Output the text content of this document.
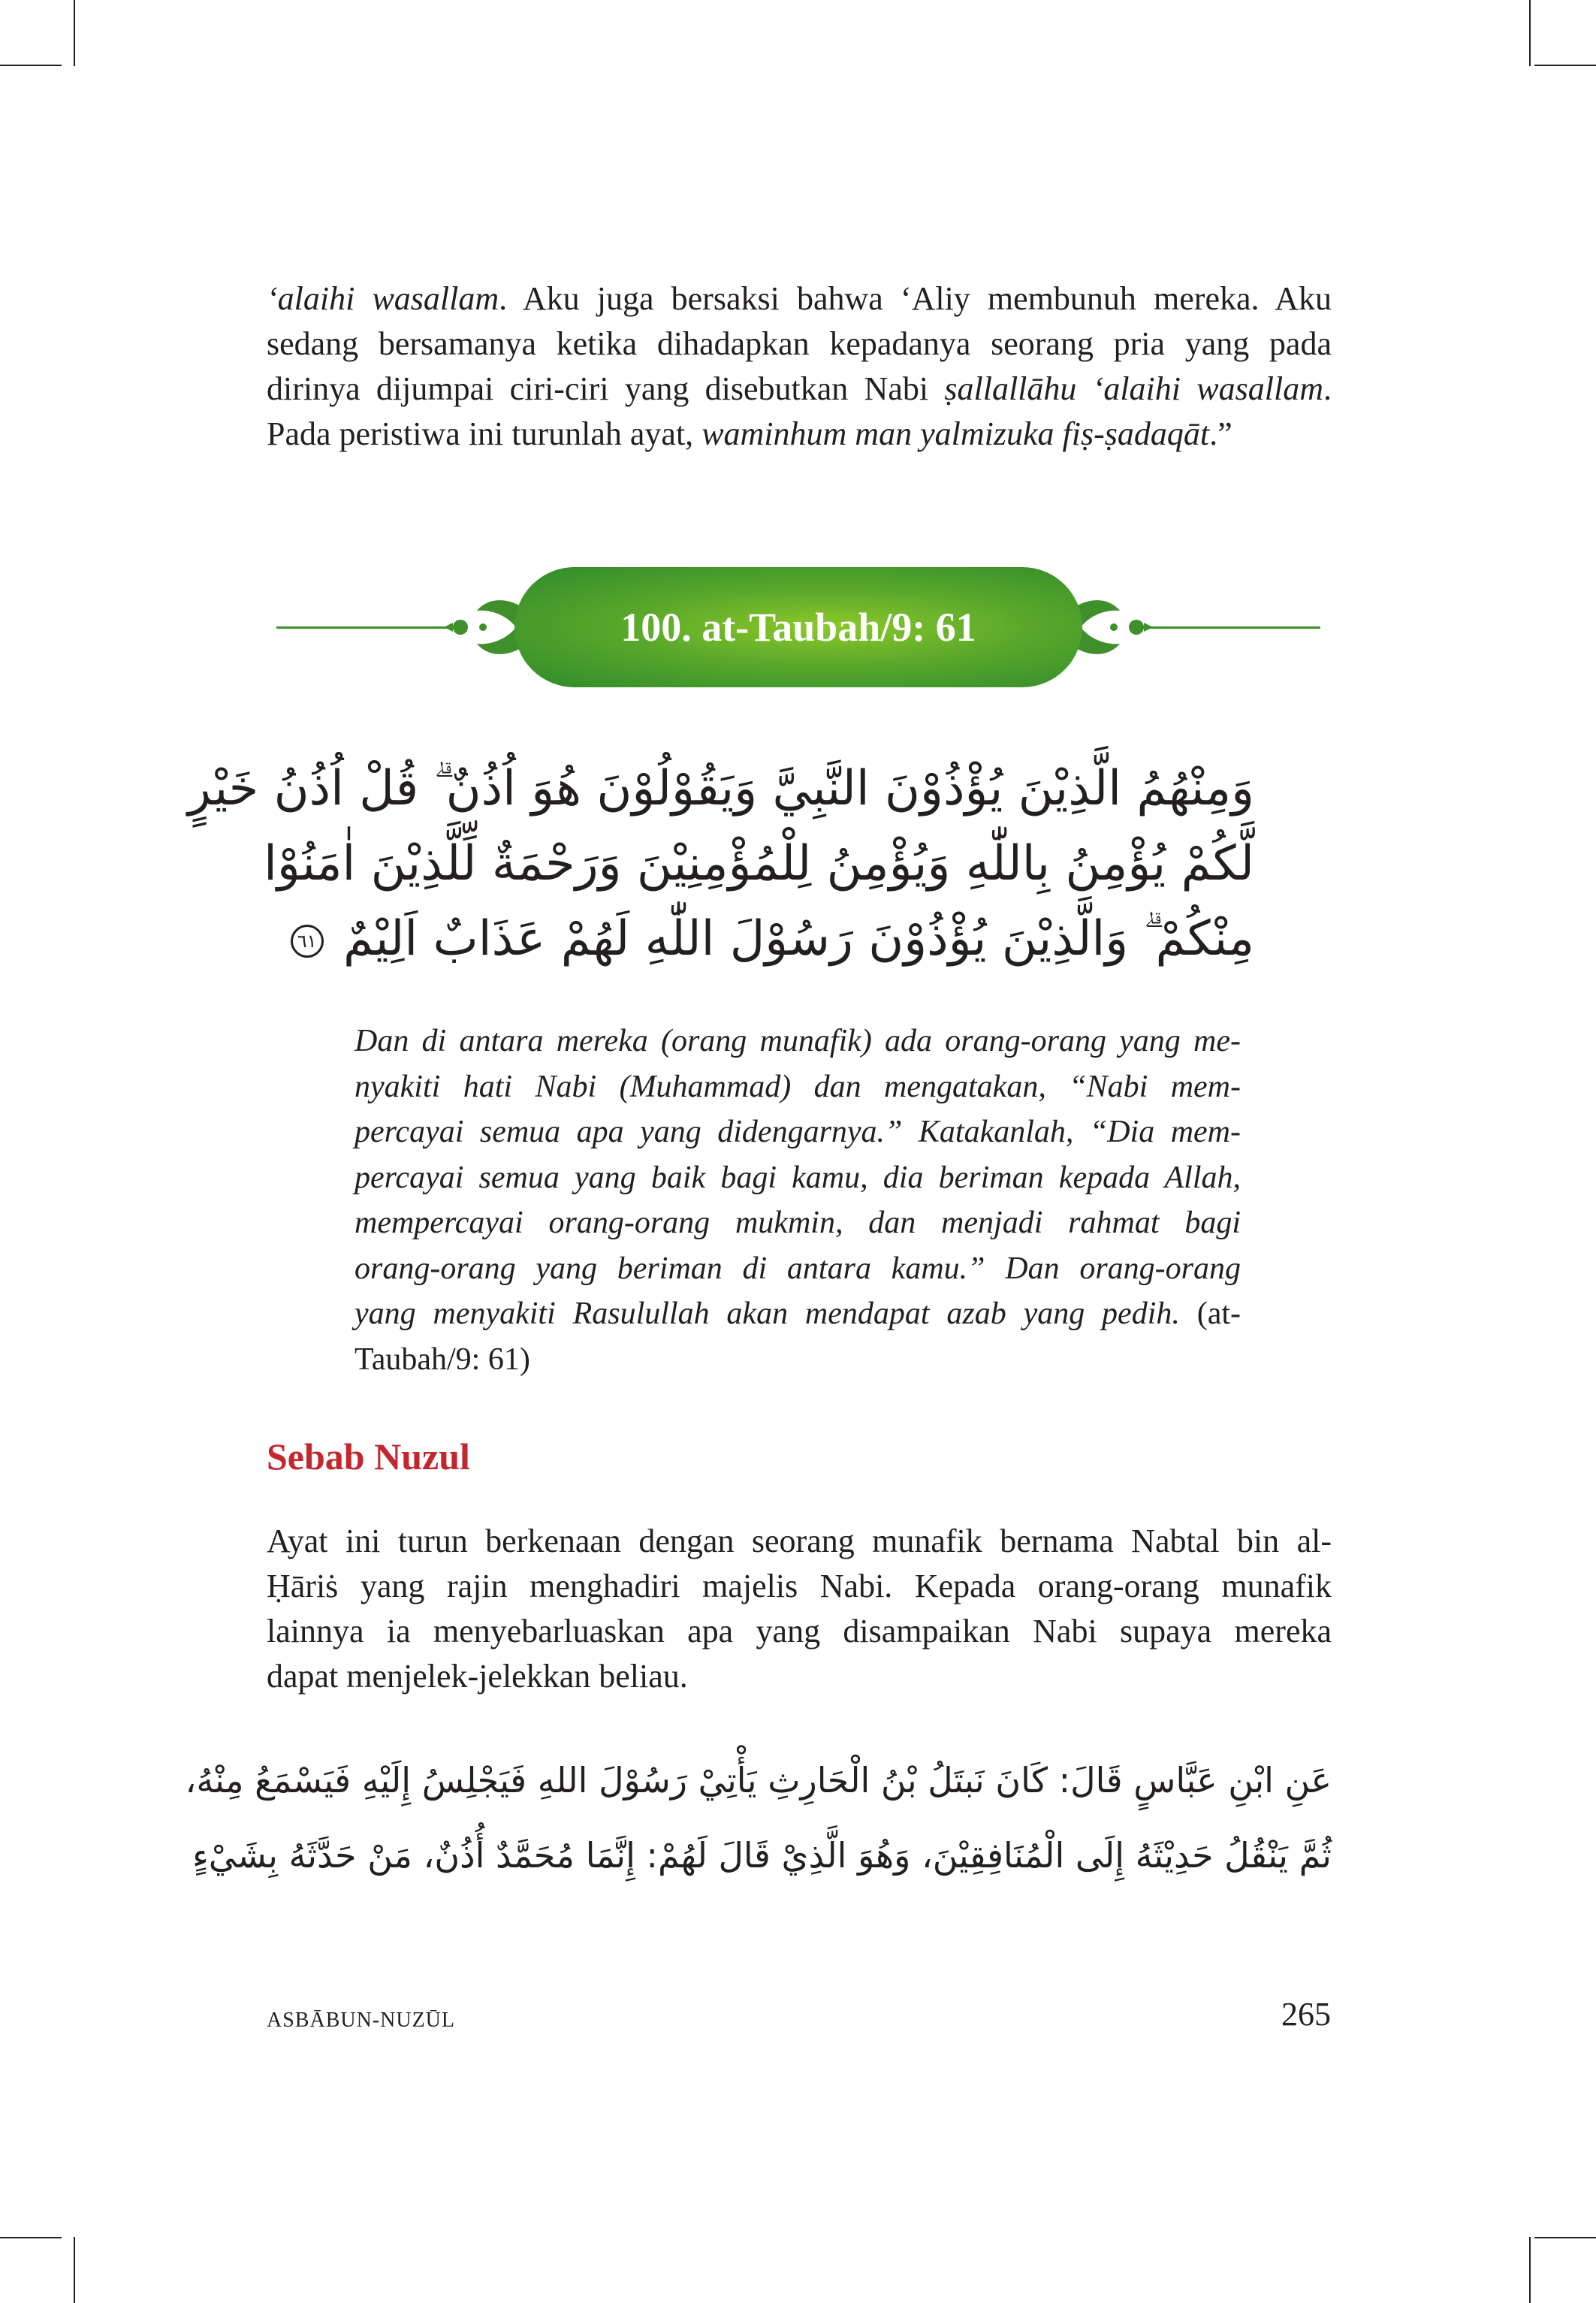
‘alaihi wasallam. Aku juga bersaksi bahwa ‘Aliy membunuh mereka. Aku
sedang bersamanya ketika dihadapkan kepadanya seorang pria yang pada
dirinya dijumpai ciri-ciri yang disebutkan Nabi ṣallallāhu ‘alaihi wasallam.
Pada peristiwa ini turunlah ayat, waminhum man yalmizuka fiṣ-ṣadaqāt.”
100. at-Taubah/9: 61
وَمِنْهُمُ الَّذِيْنَ يُؤْذُوْنَ النَّبِيَّ وَيَقُوْلُوْنَ هُوَ اُذُنٌ ۗ قُلْ اُذُنُ خَيْرٍ
لَّكُمْ يُؤْمِنُ بِاللّٰهِ وَيُؤْمِنُ لِلْمُؤْمِنِيْنَ وَرَحْمَةٌ لِّلَّذِيْنَ اٰمَنُوْا
مِنْكُمْ ۗ وَالَّذِيْنَ يُؤْذُوْنَ رَسُوْلَ اللّٰهِ لَهُمْ عَذَابٌ اَلِيْمٌ ٦١
Dan di antara mereka (orang munafik) ada orang-orang yang me-
nyakiti hati Nabi (Muhammad) dan mengatakan, “Nabi mem-
percayai semua apa yang didengarnya.” Katakanlah, “Dia mem-
percayai semua yang baik bagi kamu, dia beriman kepada Allah,
mempercayai orang-orang mukmin, dan menjadi rahmat bagi
orang-orang yang beriman di antara kamu.” Dan orang-orang
yang menyakiti Rasulullah akan mendapat azab yang pedih. (at-
Taubah/9: 61)
Sebab Nuzul
Ayat ini turun berkenaan dengan seorang munafik bernama Nabtal bin al-
Ḥāriṡ yang rajin menghadiri majelis Nabi. Kepada orang-orang munafik
lainnya ia menyebarluaskan apa yang disampaikan Nabi supaya mereka
dapat menjelek-jelekkan beliau.
عَنِ ابْنِ عَبَّاسٍ قَالَ: كَانَ نَبتَلُ بْنُ الْحَارِثِ يَأْتِيْ رَسُوْلَ اللهِ فَيَجْلِسُ إِلَيْهِ فَيَسْمَعُ مِنْهُ،
ثُمَّ يَنْقُلُ حَدِيْثَهُ إِلَى الْمُنَافِقِيْنَ، وَهُوَ الَّذِيْ قَالَ لَهُمْ: إِنَّمَا مُحَمَّدٌ أُذُنٌ، مَنْ حَدَّثَهُ بِشَيْءٍ
ASBĀBUN-NUZŪL	265
